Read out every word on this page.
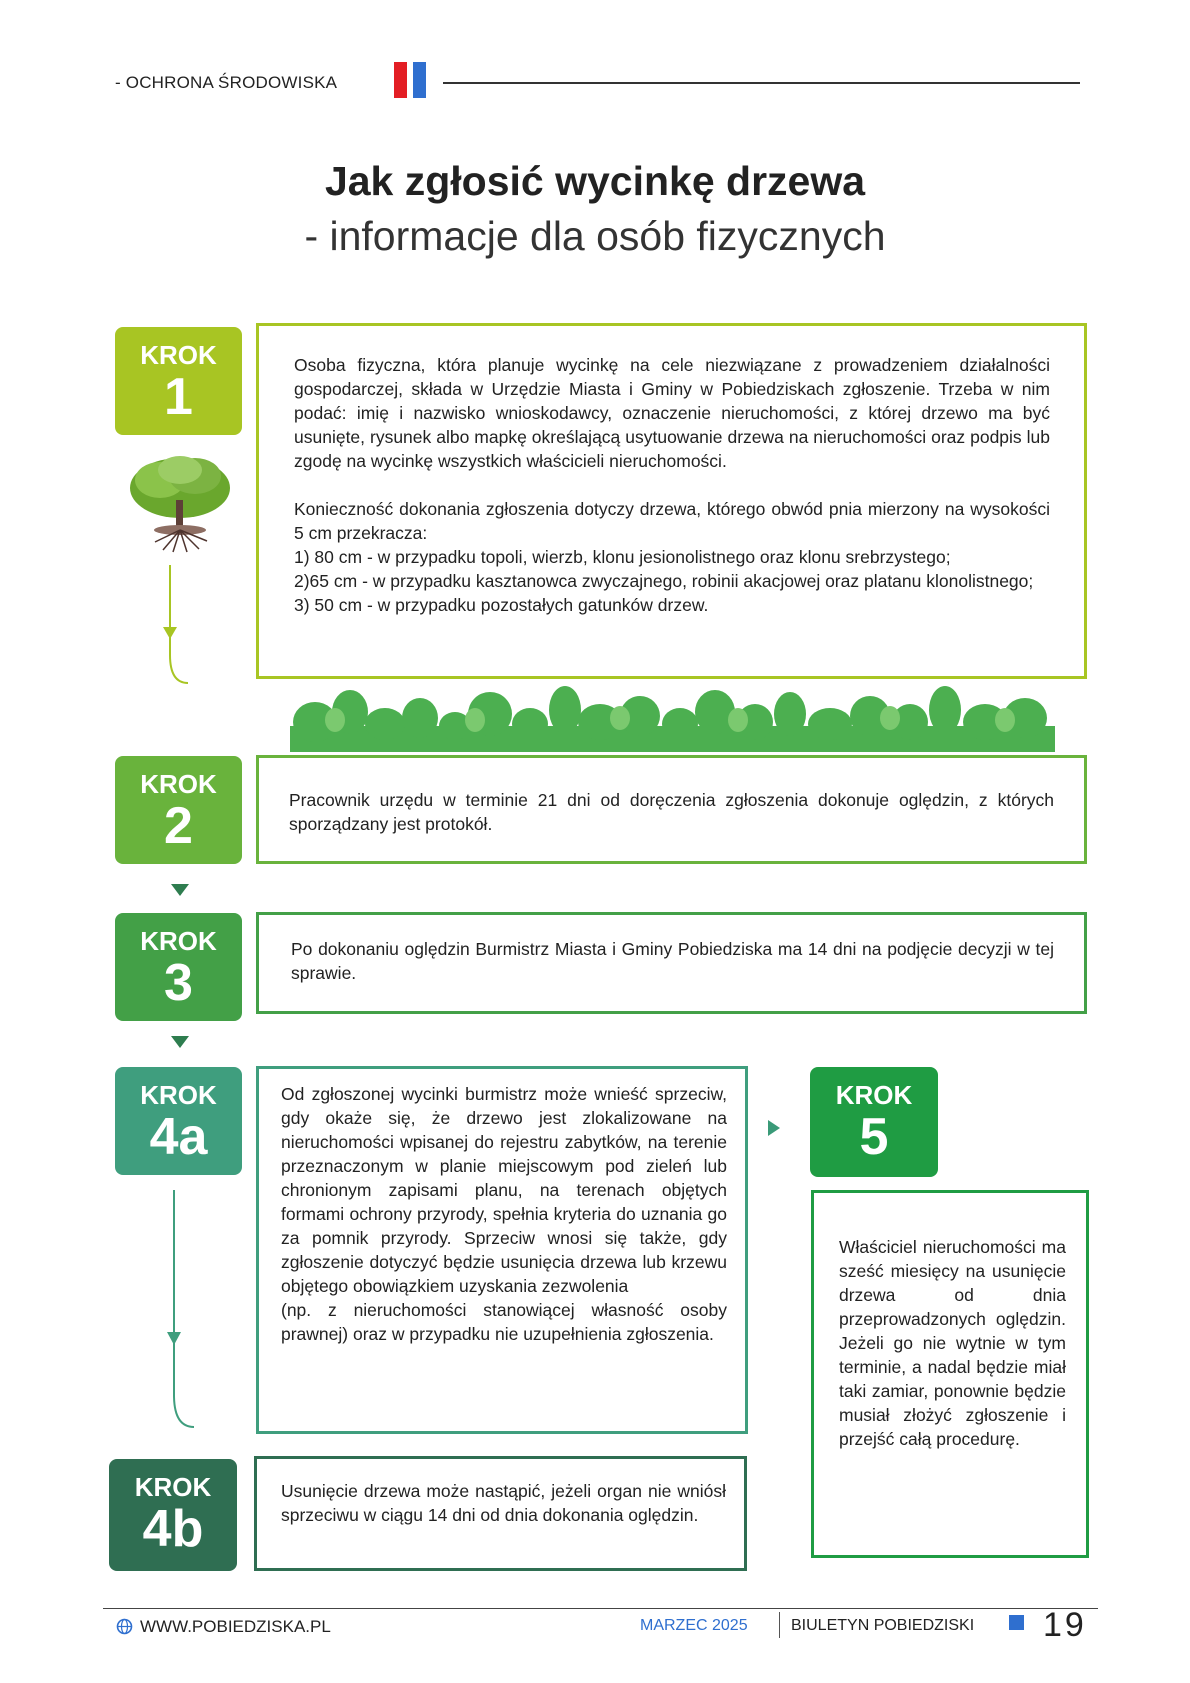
- OCHRONA ŚRODOWISKA
Jak zgłosić wycinkę drzewa
- informacje dla osób fizycznych
KROK
1

Osoba fizyczna, która planuje wycinkę na cele niezwiązane z prowadzeniem działalności gospodarczej, składa w Urzędzie Miasta i Gminy w Pobiedziskach zgłoszenie. Trzeba w nim podać: imię i nazwisko wnioskodawcy, oznaczenie nieruchomości, z której drzewo ma być usunięte, rysunek albo mapkę określającą usytuowanie drzewa na nieruchomości oraz podpis lub zgodę na wycinkę wszystkich właścicieli nieruchomości.

Konieczność dokonania zgłoszenia dotyczy drzewa, którego obwód pnia mierzony na wysokości 5 cm przekracza:

1) 80 cm - w przypadku topoli, wierzb, klonu jesionolistnego oraz klonu srebrzystego;

2)65 cm - w przypadku kasztanowca zwyczajnego, robinii akacjowej oraz platanu klonolistnego;

3) 50 cm - w przypadku pozostałych gatunków drzew.

KROK
2	Pracownik urzędu w terminie 21 dni od doręczenia zgłoszenia dokonuje oględzin, z których sporządzany jest protokół.

KROK
3

Po dokonaniu oględzin Burmistrz Miasta i Gminy Pobiedziska ma 14 dni na podjęcie decyzji w tej sprawie.

KROK
4a

Od zgłoszonej wycinki burmistrz może wnieść sprzeciw, gdy okaże się, że drzewo jest zlokalizowane na nieruchomości wpisanej do rejestru zabytków, na terenie przeznaczonym w planie miejscowym pod zieleń lub chronionym zapisami planu, na terenach objętych formami ochrony przyrody, spełnia kryteria do uznania go za pomnik przyrody. Sprzeciw wnosi się także, gdy zgłoszenie dotyczyć będzie usunięcia drzewa lub krzewu objętego obowiązkiem uzyskania zezwolenia

(np. z nieruchomości stanowiącej własność osoby prawnej) oraz w przypadku nie uzupełnienia zgłoszenia.

KROK
4b

Usunięcie drzewa może nastąpić, jeżeli organ nie wniósł sprzeciwu w ciągu 14 dni od dnia dokonania oględzin.

KROK
5

Właściciel nieruchomości ma sześć miesięcy na usunięcie drzewa od dnia przeprowadzonych oględzin. Jeżeli go nie wytnie w tym terminie, a nadal będzie miał taki zamiar, ponownie będzie musiał złożyć zgłoszenie i przejść całą procedurę.

WWW.POBIEDZISKA.PL	MARZEC 2025	BIULETYN POBIEDZISKI 19
